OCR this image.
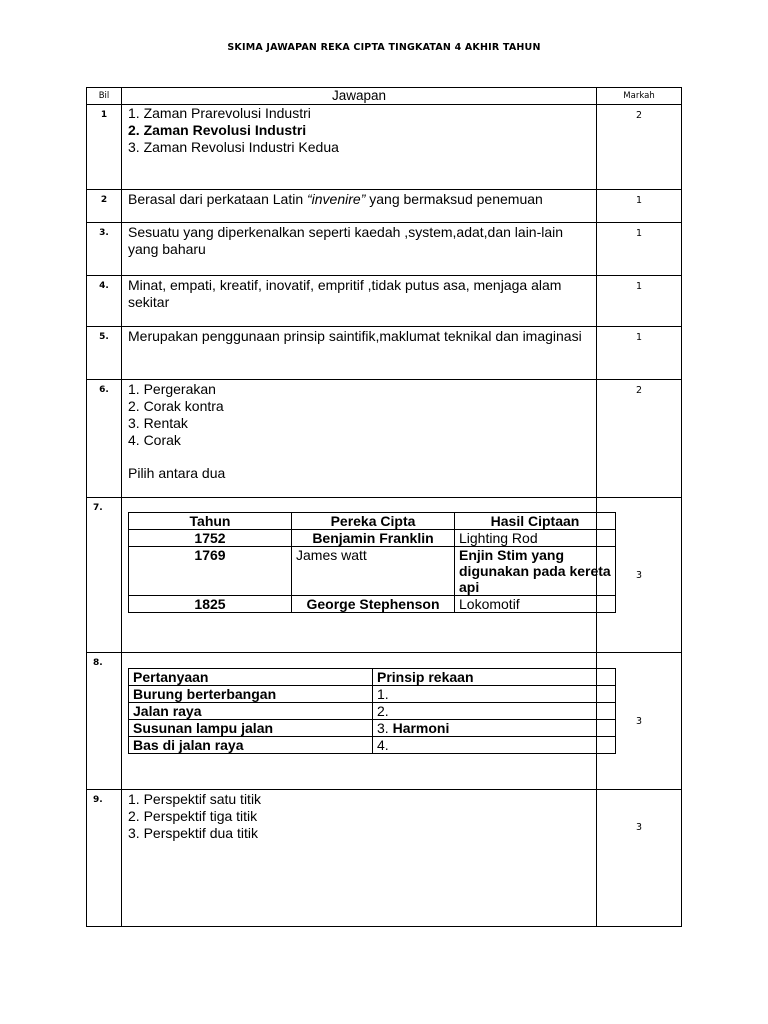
SKIMA JAWAPAN REKA CIPTA TINGKATAN 4 AKHIR TAHUN
Bil	Jawapan	Markah
1	1. Zaman Prarevolusi Industri
2. Zaman Revolusi Industri
3. Zaman Revolusi Industri Kedua
	2
2	Berasal dari perkataan Latin “invenire” yang bermaksud penemuan	1
3.	Sesuatu yang diperkenalkan seperti kaedah ,system,adat,dan lain-lain yang baharu	1
4.	Minat, empati, kreatif, inovatif, empritif ,tidak putus asa, menjaga alam sekitar	1
5.	Merupakan penggunaan prinsip saintifik,maklumat teknikal dan imaginasi	1
6.	1. Pergerakan
2. Corak kontra
3. Rentak
4. Corak
Pilih antara dua
	2
7.	
Tahun	Pereka Cipta	Hasil Ciptaan
1752	Benjamin Franklin	Lighting Rod
1769	James watt	Enjin Stim yang digunakan pada kereta api
1825	George Stephenson	Lokomotif
	3
8.	
Pertanyaan	Prinsip rekaan
Burung berterbangan	1.
Jalan raya	2.
Susunan lampu jalan	3. Harmoni
Bas di jalan raya	4.
	3
9.	1. Perspektif satu titik
2. Perspektif tiga titik
3. Perspektif dua titik	3
